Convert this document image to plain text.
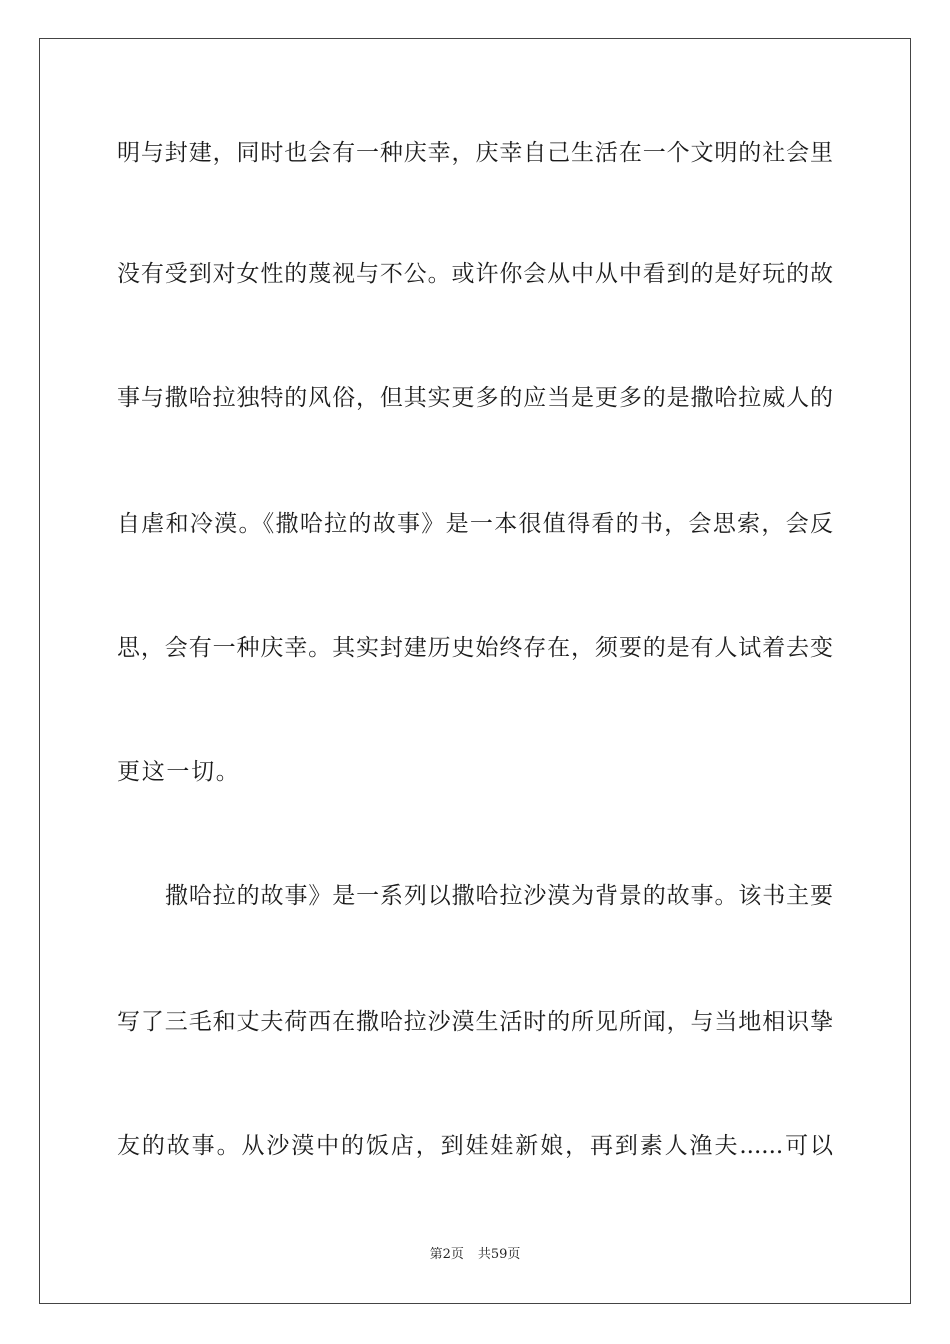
明与封建，同时也会有一种庆幸，庆幸自己生活在一个文明的社会里
没有受到对女性的蔑视与不公。或许你会从中从中看到的是好玩的故
事与撒哈拉独特的风俗，但其实更多的应当是更多的是撒哈拉威人的
自虐和冷漠。《撒哈拉的故事》是一本很值得看的书，会思索，会反
思，会有一种庆幸。其实封建历史始终存在，须要的是有人试着去变
更这一切。
撒哈拉的故事》是一系列以撒哈拉沙漠为背景的故事。该书主要
写了三毛和丈夫荷西在撒哈拉沙漠生活时的所见所闻，与当地相识挚
友的故事。从沙漠中的饭店，到娃娃新娘，再到素人渔夫......可以
第2页 共59页
